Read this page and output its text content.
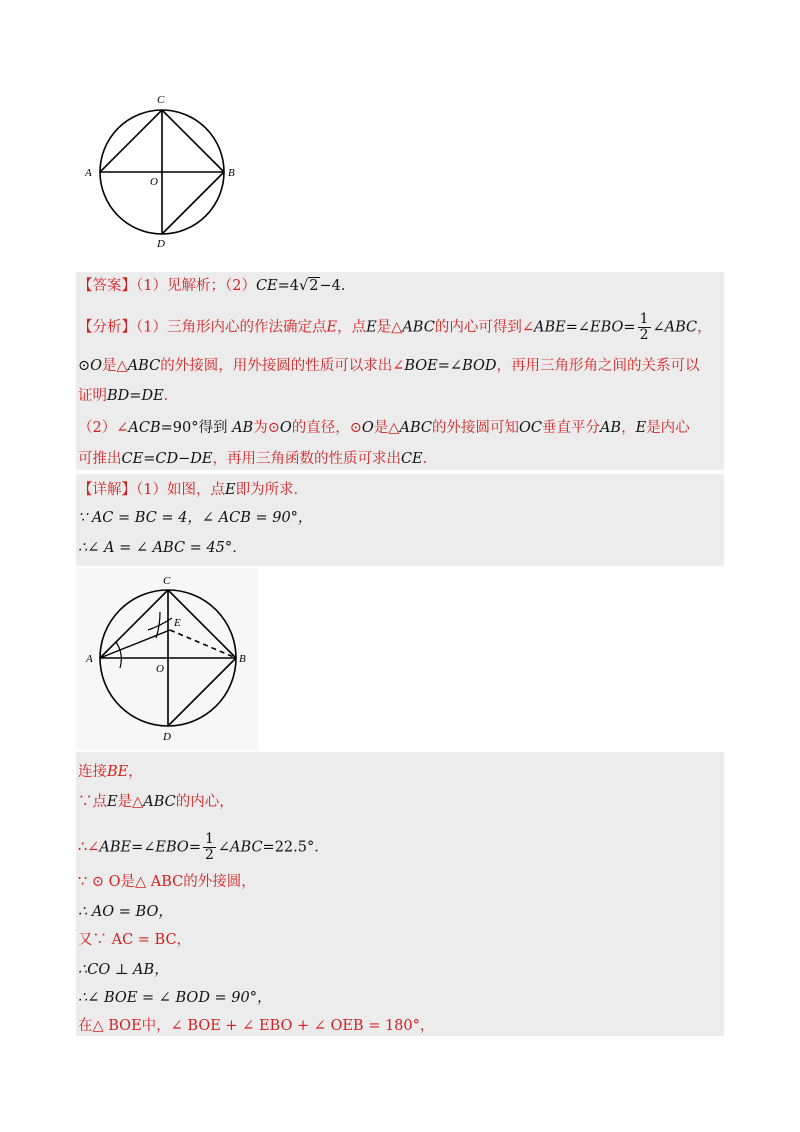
C
A	B
O
D
【答案】（1）见解析；（2）CE=4√2−4．
【分析】（1）三角形内心的作法确定点E，点E是△ABC的内心可得到∠ABE=∠EBO= $\frac{1}{2}$ ∠ABC，
⊙O是△ABC的外接圆，用外接圆的性质可以求出∠BOE=∠BOD，再用三角形角之间的关系可以
证明BD=DE．
（2）∠ACB=90°得到 AB为⊙O的直径，⊙O是△ABC的外接圆可知OC垂直平分AB，E是内心
可推出CE=CD−DE，再用三角函数的性质可求出CE．
【详解】（1）如图，点E即为所求．
∵ AC = BC = 4，∠ ACB = 90°，
∴∠ A = ∠ ABC = 45°．
C
E
A	B
O
D
连接BE，
∵点E是△ABC的内心，
∴∠ABE=∠EBO= $\frac{1}{2}$ ∠ABC=22.5°．
∵ ⊙ O是△ ABC的外接圆，
∴ AO = BO，
又∵ AC = BC，
∴CO ⊥ AB，
∴∠ BOE = ∠ BOD = 90°，
在△ BOE中，∠ BOE + ∠ EBO + ∠ OEB = 180°，
